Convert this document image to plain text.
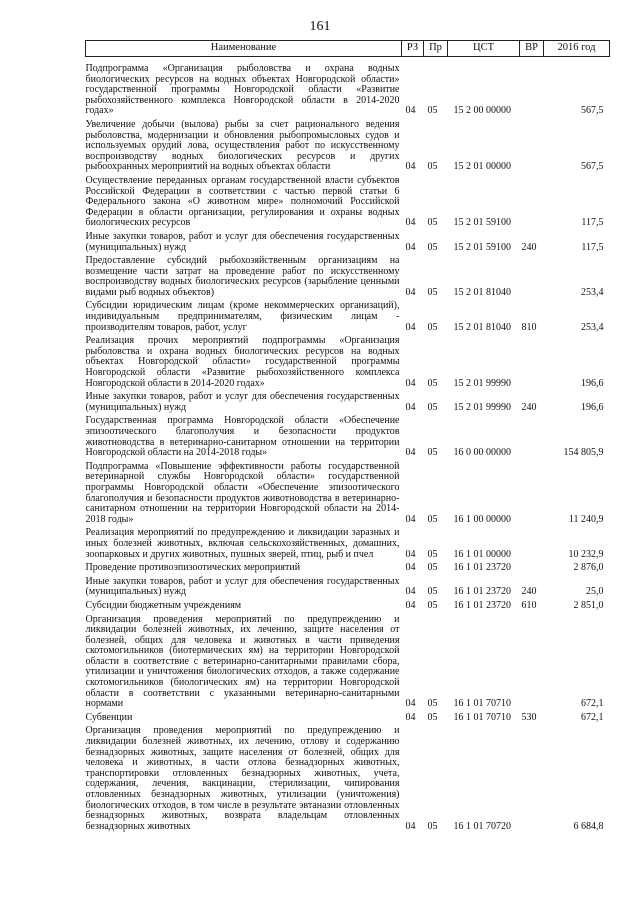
161
Наименование	РЗ	Пр	ЦСТ	ВР	2016 год

Подпрограмма «Организация рыболовства и охрана водных биологических ресурсов на водных объектах Новгородской области» государственной программы Новгородской области «Развитие рыбохозяйственного комплекса Новгородской области в 2014-2020 годах»	04	05	15 2 00 00000		567,5
Увеличение добычи (вылова) рыбы за счет рационального ведения рыболовства, модернизации и обновления рыбопромысловых судов и используемых орудий лова, осуществления работ по искусственному воспроизводству водных биологических ресурсов и других рыбоохранных мероприятий на водных объектах области	04	05	15 2 01 00000		567,5
Осуществление переданных органам государственной власти субъектов Российской Федерации в соответствии с частью первой статьи 6 Федерального закона «О животном мире» полномочий Российской Федерации в области организации, регулирования и охраны водных биологических ресурсов	04	05	15 2 01 59100		117,5
Иные закупки товаров, работ и услуг для обеспечения государственных (муниципальных) нужд	04	05	15 2 01 59100	240	117,5
Предоставление субсидий рыбохозяйственным организациям на возмещение части затрат на проведение работ по искусственному воспроизводству водных биологических ресурсов (зарыбление ценными видами рыб водных объектов)	04	05	15 2 01 81040		253,4
Субсидии юридическим лицам (кроме некоммерческих организаций), индивидуальным предпринимателям, физическим лицам - производителям товаров, работ, услуг	04	05	15 2 01 81040	810	253,4
Реализация прочих мероприятий подпрограммы «Организация рыболовства и охрана водных биологических ресурсов на водных объектах Новгородской области» государственной программы Новгородской области «Развитие рыбохозяйственного комплекса Новгородской области в 2014-2020 годах»	04	05	15 2 01 99990		196,6
Иные закупки товаров, работ и услуг для обеспечения государственных (муниципальных) нужд	04	05	15 2 01 99990	240	196,6
Государственная программа Новгородской области «Обеспечение эпизоотического благополучия и безопасности продуктов животноводства в ветеринарно-санитарном отношении на территории Новгородской области на 2014-2018 годы»	04	05	16 0 00 00000		154 805,9
Подпрограмма «Повышение эффективности работы государственной ветеринарной службы Новгородской области» государственной программы Новгородской области «Обеспечение эпизоотического благополучия и безопасности продуктов животноводства в ветеринарно-санитарном отношении на территории Новгородской области на 2014-2018 годы»	04	05	16 1 00 00000		11 240,9
Реализация мероприятий по предупреждению и ликвидации заразных и иных болезней животных, включая сельскохозяйственных, домашних, зоопарковых и других животных, пушных зверей, птиц, рыб и пчел	04	05	16 1 01 00000		10 232,9
Проведение противоэпизоотических мероприятий	04	05	16 1 01 23720		2 876,0
Иные закупки товаров, работ и услуг для обеспечения государственных (муниципальных) нужд	04	05	16 1 01 23720	240	25,0
Субсидии бюджетным учреждениям	04	05	16 1 01 23720	610	2 851,0
Организация проведения мероприятий по предупреждению и ликвидации болезней животных, их лечению, защите населения от болезней, общих для человека и животных в части приведения скотомогильников (биотермических ям) на территории Новгородской области в соответствие с ветеринарно-санитарными правилами сбора, утилизации и уничтожения биологических отходов, а также содержание скотомогильников (биологических ям) на территории Новгородской области в соответствии с указанными ветеринарно-санитарными нормами	04	05	16 1 01 70710		672,1
Субвенции	04	05	16 1 01 70710	530	672,1
Организация проведения мероприятий по предупреждению и ликвидации болезней животных, их лечению, отлову и содержанию безнадзорных животных, защите населения от болезней, общих для человека и животных, в части отлова безнадзорных животных, транспортировки отловленных безнадзорных животных, учета, содержания, лечения, вакцинации, стерилизации, чипирования отловленных безнадзорных животных, утилизации (уничтожения) биологических отходов, в том числе в результате эвтаназии отловленных безнадзорных животных, возврата владельцам отловленных безнадзорных животных	04	05	16 1 01 70720		6 684,8
